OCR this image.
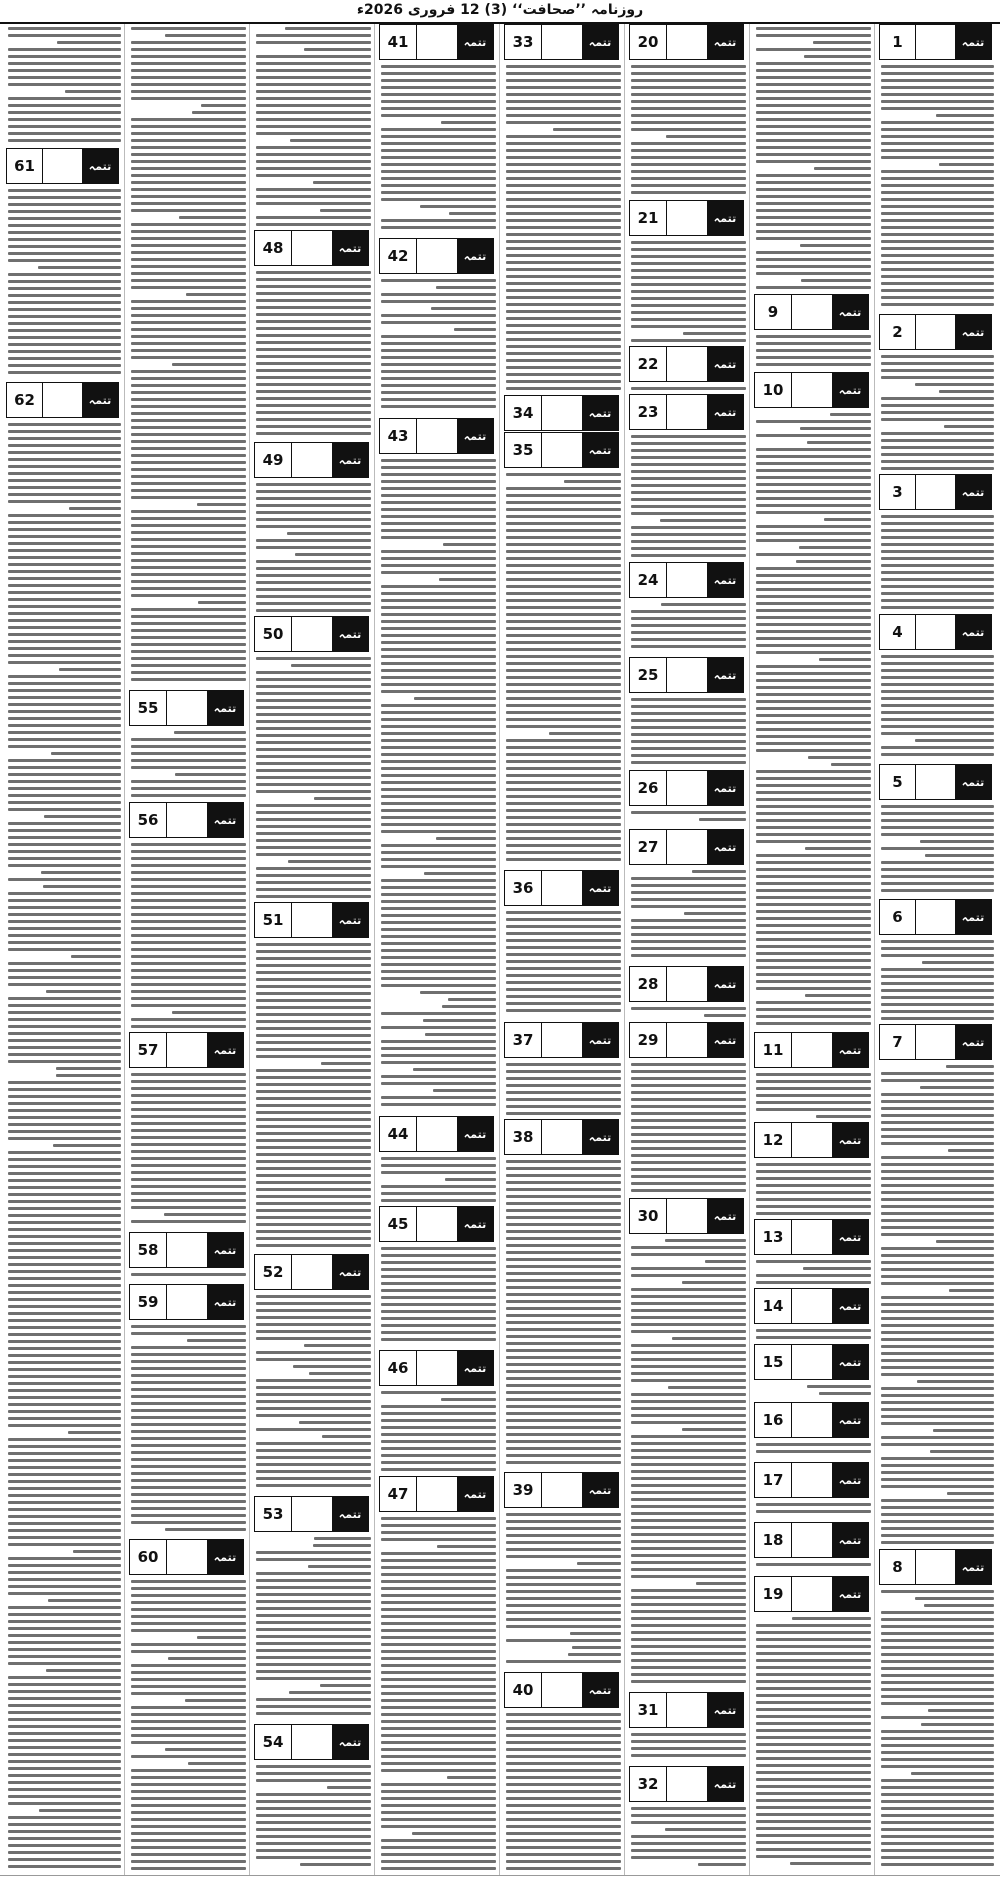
روزنامہ ’’صحافت‘‘ (3) 12 فروری 2026ء
1	تتمہ
2	تتمہ
3	تتمہ
4	تتمہ
5	تتمہ
6	تتمہ
7	تتمہ
8	تتمہ
9	تتمہ
10	تتمہ
11	تتمہ
12	تتمہ
13	تتمہ
14	تتمہ
15	تتمہ
16	تتمہ
17	تتمہ
18	تتمہ
19	تتمہ
20	تتمہ
21	تتمہ
22	تتمہ
23	تتمہ
24	تتمہ
25	تتمہ
26	تتمہ
27	تتمہ
28	تتمہ
29	تتمہ
30	تتمہ
31	تتمہ
32	تتمہ
33	تتمہ
34	تتمہ
35	تتمہ
36	تتمہ
37	تتمہ
38	تتمہ
39	تتمہ
40	تتمہ
41	تتمہ
42	تتمہ
43	تتمہ
44	تتمہ
45	تتمہ
46	تتمہ
47	تتمہ
48	تتمہ
49	تتمہ
50	تتمہ
51	تتمہ
52	تتمہ
53	تتمہ
54	تتمہ
55	تتمہ
56	تتمہ
57	تتمہ
58	تتمہ
59	تتمہ
60	تتمہ
61	تتمہ
62	تتمہ
